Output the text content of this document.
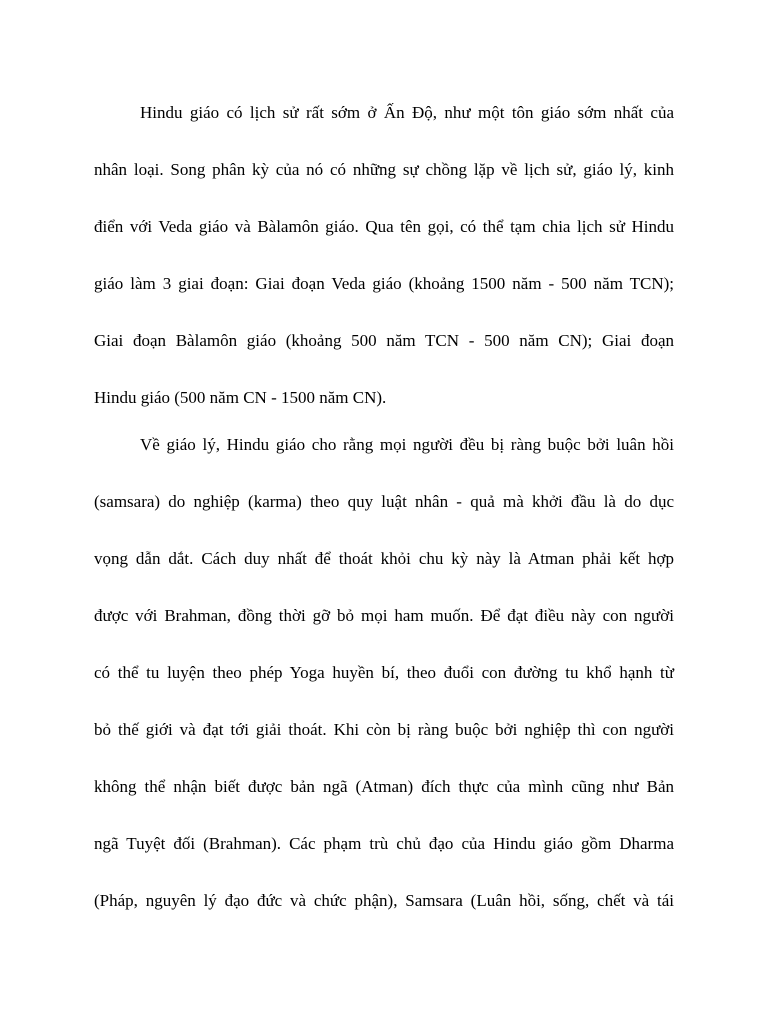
Hindu giáo có lịch sử rất sớm ở Ấn Độ, như một tôn giáo sớm nhất của
nhân loại. Song phân kỳ của nó có những sự chồng lặp về lịch sử, giáo lý, kinh
điển với Veda giáo và Bàlamôn giáo. Qua tên gọi, có thể tạm chia lịch sử Hindu
giáo làm 3 giai đoạn: Giai đoạn Veda giáo (khoảng 1500 năm - 500 năm TCN);
Giai đoạn Bàlamôn giáo (khoảng 500 năm TCN - 500 năm CN); Giai đoạn
Hindu giáo (500 năm CN - 1500 năm CN).
Về giáo lý, Hindu giáo cho rằng mọi người đều bị ràng buộc bởi luân hồi
(samsara) do nghiệp (karma) theo quy luật nhân - quả mà khởi đầu là do dục
vọng dẫn dắt. Cách duy nhất để thoát khỏi chu kỳ này là Atman phải kết hợp
được với Brahman, đồng thời gỡ bỏ mọi ham muốn. Để đạt điều này con người
có thể tu luyện theo phép Yoga huyền bí, theo đuổi con đường tu khổ hạnh từ
bỏ thế giới và đạt tới giải thoát. Khi còn bị ràng buộc bởi nghiệp thì con người
không thể nhận biết được bản ngã (Atman) đích thực của mình cũng như Bản
ngã Tuyệt đối (Brahman). Các phạm trù chủ đạo của Hindu giáo gồm Dharma
(Pháp, nguyên lý đạo đức và chức phận), Samsara (Luân hồi, sống, chết và tái
